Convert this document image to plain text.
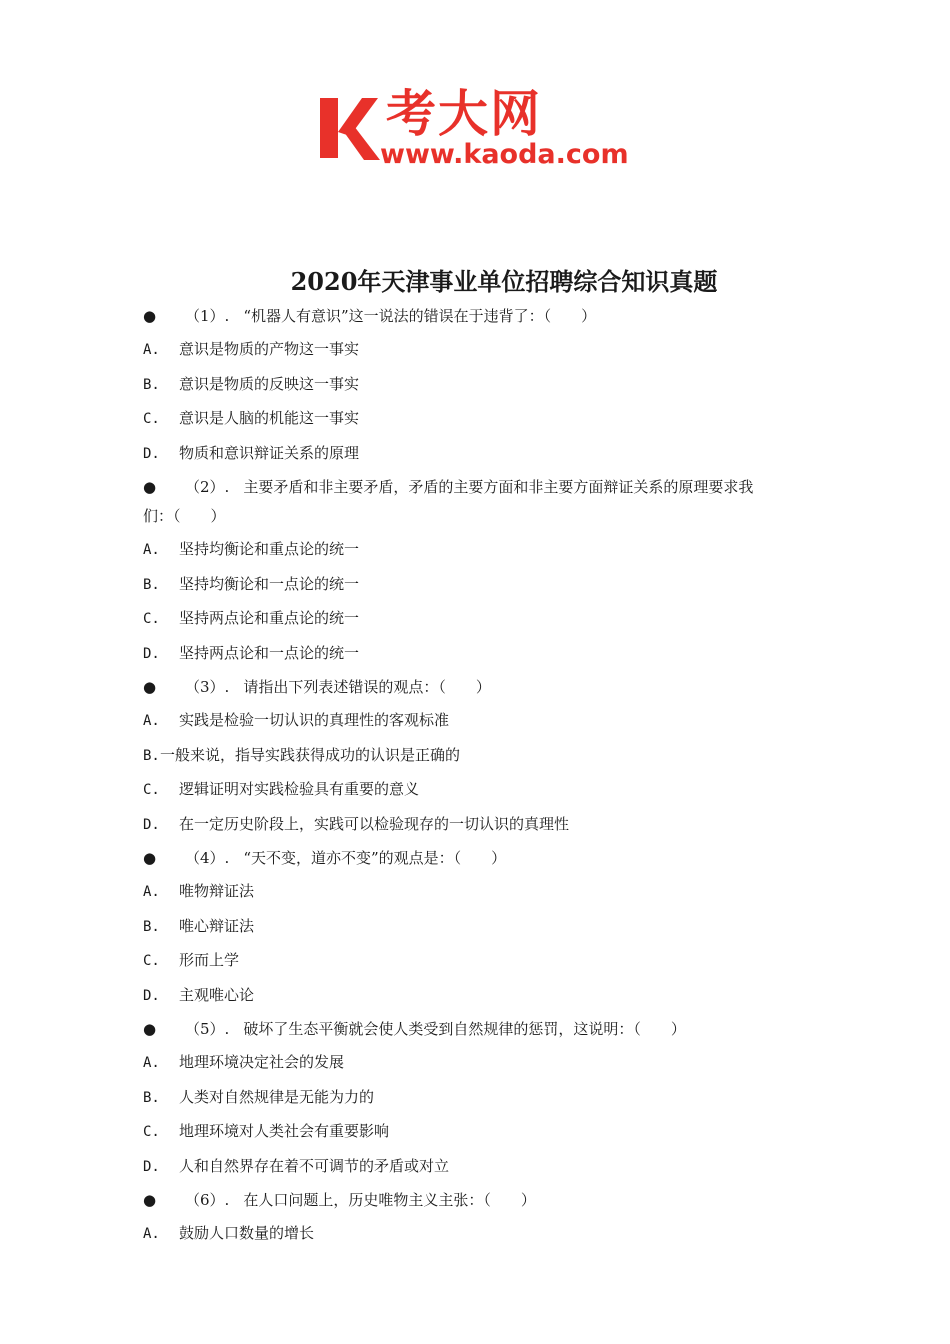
考大网
www.kaoda.com
2020年天津事业单位招聘综合知识真题
● （1）. “机器人有意识”这一说法的错误在于违背了：（　　）
A. 意识是物质的产物这一事实
B. 意识是物质的反映这一事实
C. 意识是人脑的机能这一事实
D. 物质和意识辩证关系的原理
● （2）. 主要矛盾和非主要矛盾，矛盾的主要方面和非主要方面辩证关系的原理要求我
们：（　　）
A. 坚持均衡论和重点论的统一
B. 坚持均衡论和一点论的统一
C. 坚持两点论和重点论的统一
D. 坚持两点论和一点论的统一
● （3）. 请指出下列表述错误的观点：（　　）
A. 实践是检验一切认识的真理性的客观标准
B.一般来说，指导实践获得成功的认识是正确的
C. 逻辑证明对实践检验具有重要的意义
D. 在一定历史阶段上，实践可以检验现存的一切认识的真理性
● （4）. “天不变，道亦不变”的观点是：（　　）
A. 唯物辩证法
B. 唯心辩证法
C. 形而上学
D. 主观唯心论
● （5）. 破坏了生态平衡就会使人类受到自然规律的惩罚，这说明：（　　）
A. 地理环境决定社会的发展
B. 人类对自然规律是无能为力的
C. 地理环境对人类社会有重要影响
D. 人和自然界存在着不可调节的矛盾或对立
● （6）. 在人口问题上，历史唯物主义主张：（　　）
A. 鼓励人口数量的增长
